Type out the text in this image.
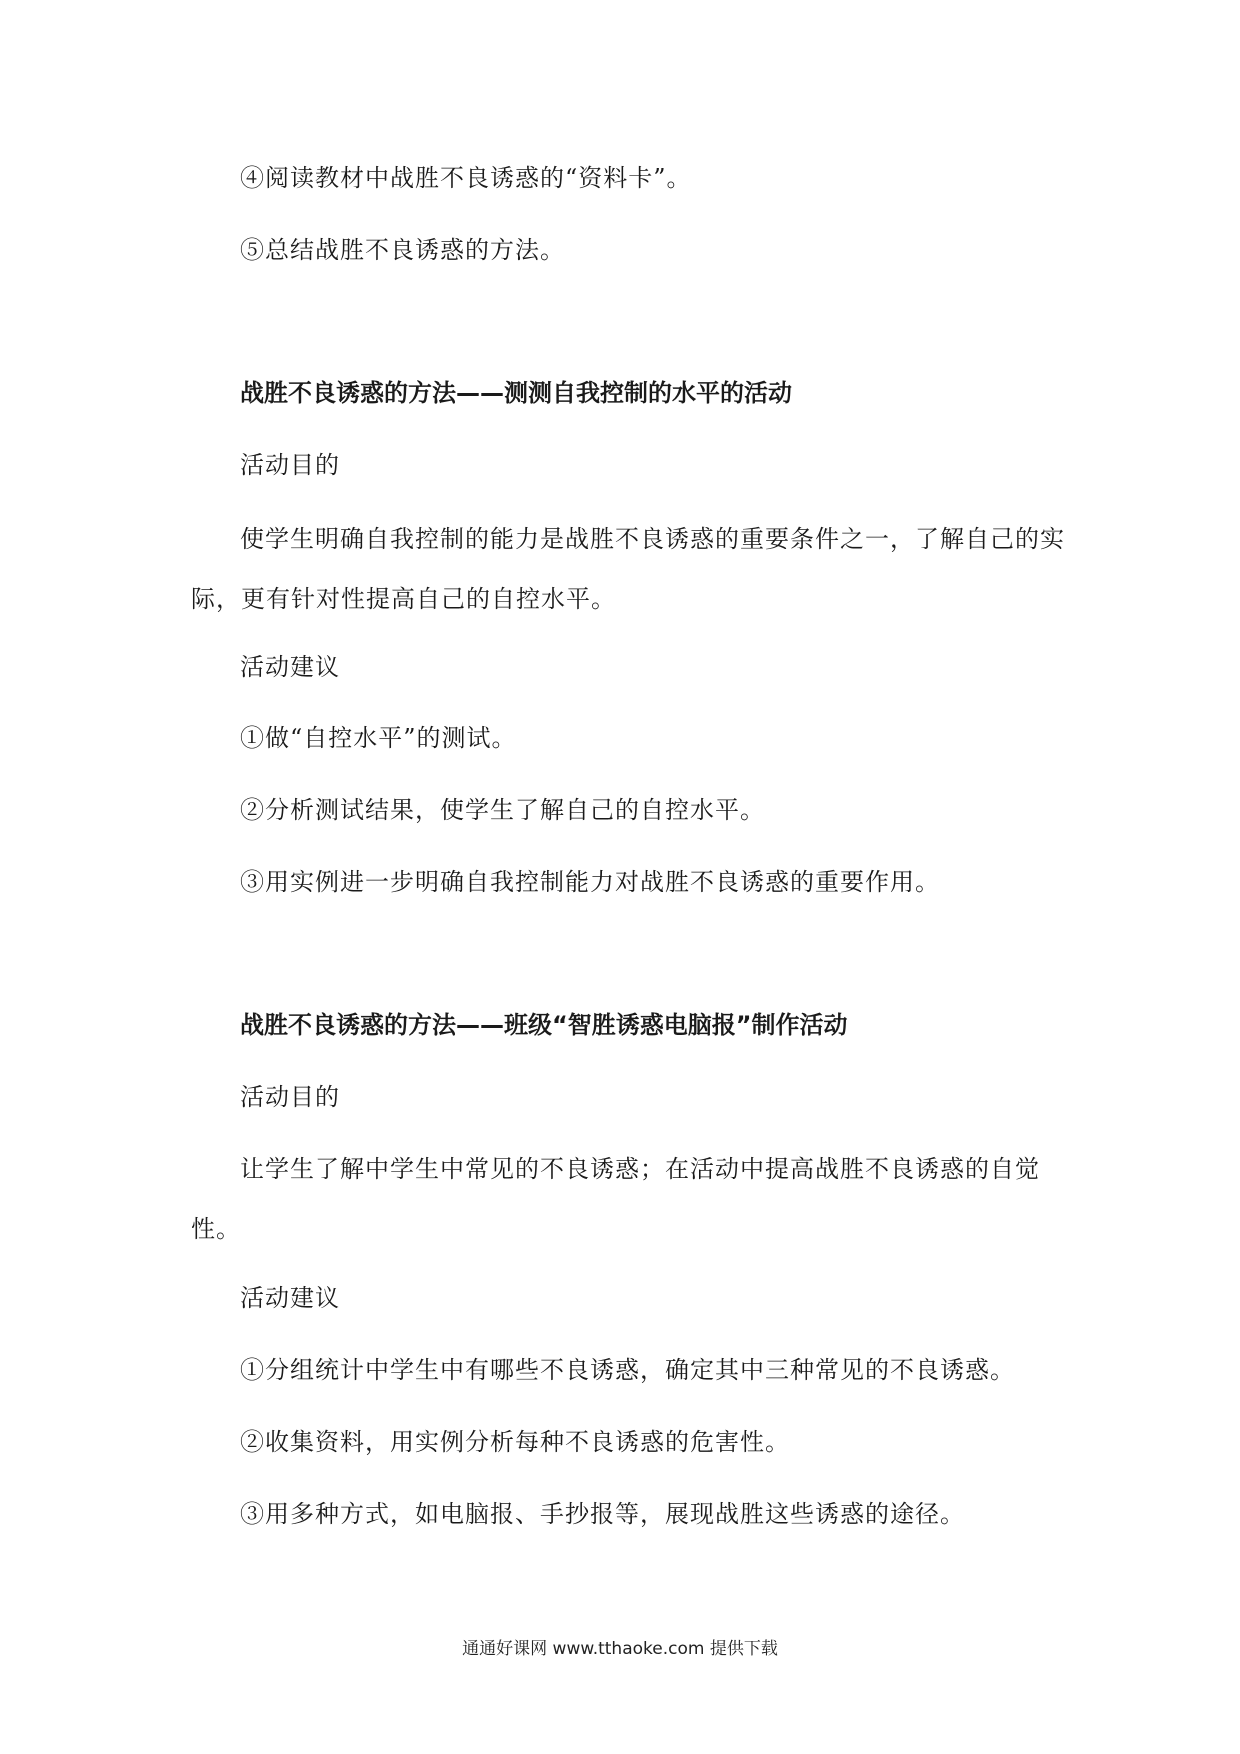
④阅读教材中战胜不良诱惑的“资料卡”。
⑤总结战胜不良诱惑的方法。
战胜不良诱惑的方法——测测自我控制的水平的活动
活动目的
使学生明确自我控制的能力是战胜不良诱惑的重要条件之一，了解自己的实
际，更有针对性提高自己的自控水平。
活动建议
①做“自控水平”的测试。
②分析测试结果，使学生了解自己的自控水平。
③用实例进一步明确自我控制能力对战胜不良诱惑的重要作用。
战胜不良诱惑的方法——班级“智胜诱惑电脑报”制作活动
活动目的
让学生了解中学生中常见的不良诱惑；在活动中提高战胜不良诱惑的自觉
性。
活动建议
①分组统计中学生中有哪些不良诱惑，确定其中三种常见的不良诱惑。
②收集资料，用实例分析每种不良诱惑的危害性。
③用多种方式，如电脑报、手抄报等，展现战胜这些诱惑的途径。
通通好课网 www.tthaoke.com 提供下载
